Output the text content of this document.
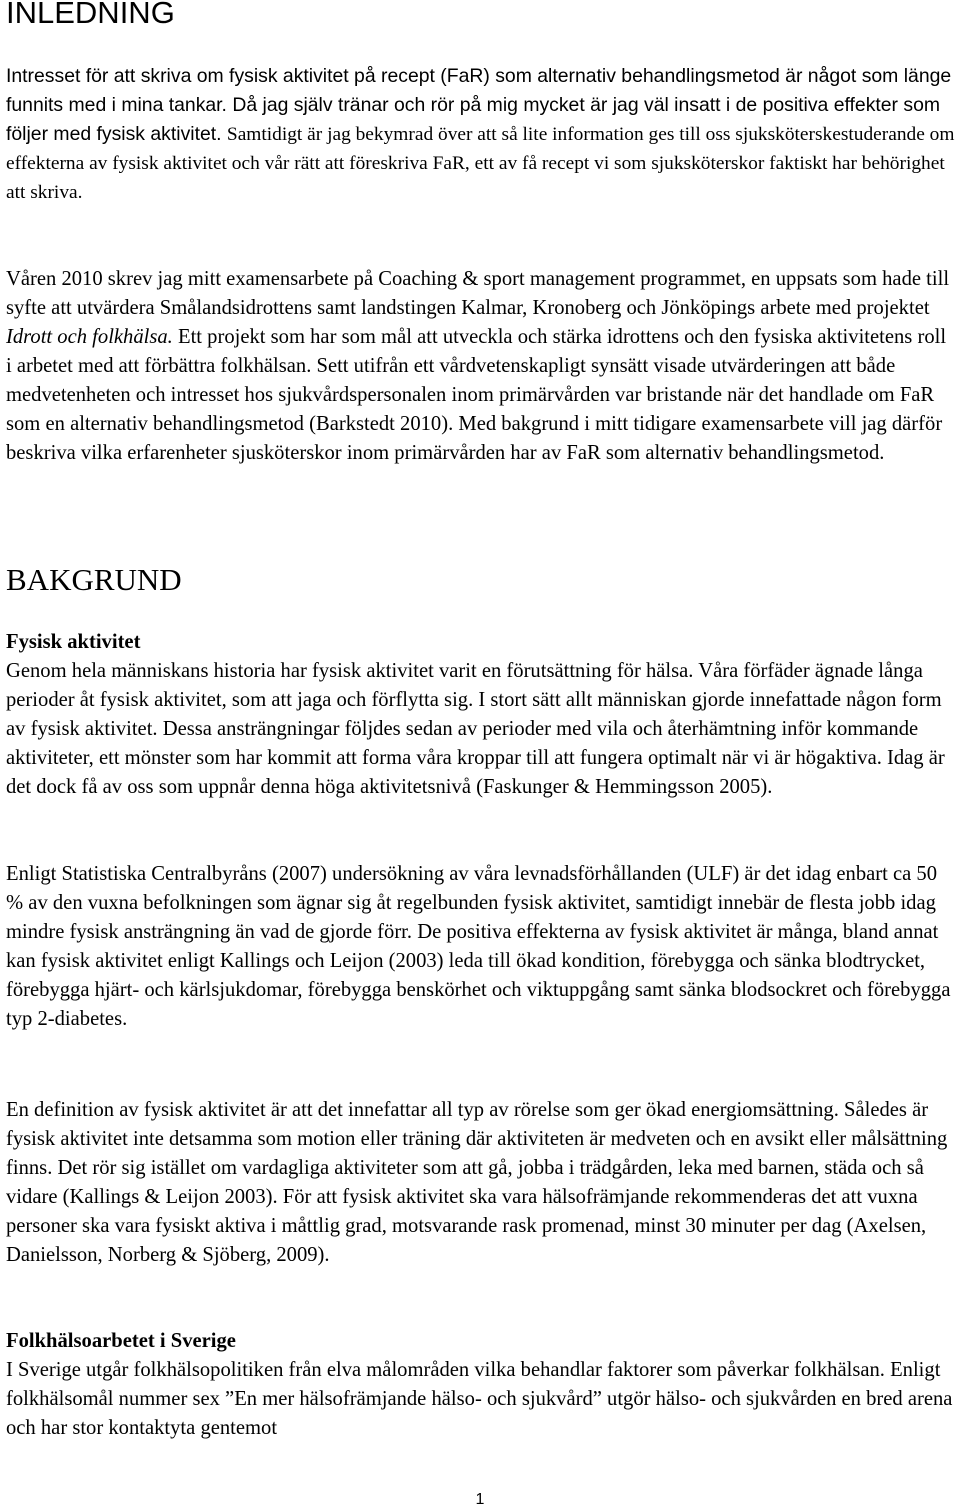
INLEDNING

Intresset för att skriva om fysisk aktivitet på recept (FaR) som alternativ behandlingsmetod är något som länge funnits med i mina tankar. Då jag själv tränar och rör på mig mycket är jag väl insatt i de positiva effekter som följer med fysisk aktivitet. Samtidigt är jag bekymrad över att så lite information ges till oss sjuksköterskestuderande om effekterna av fysisk aktivitet och vår rätt att föreskriva FaR, ett av få recept vi som sjuksköterskor faktiskt har behörighet att skriva.

Våren 2010 skrev jag mitt examensarbete på Coaching & sport management programmet, en uppsats som hade till syfte att utvärdera Smålandsidrottens samt landstingen Kalmar, Kronoberg och Jönköpings arbete med projektet Idrott och folkhälsa. Ett projekt som har som mål att utveckla och stärka idrottens och den fysiska aktivitetens roll i arbetet med att förbättra folkhälsan. Sett utifrån ett vårdvetenskapligt synsätt visade utvärderingen att både medvetenheten och intresset hos sjukvårdspersonalen inom primärvården var bristande när det handlade om FaR som en alternativ behandlingsmetod (Barkstedt 2010). Med bakgrund i mitt tidigare examensarbete vill jag därför beskriva vilka erfarenheter sjusköterskor inom primärvården har av FaR som alternativ behandlingsmetod.

BAKGRUND

Fysisk aktivitet

Genom hela människans historia har fysisk aktivitet varit en förutsättning för hälsa. Våra förfäder ägnade långa perioder åt fysisk aktivitet, som att jaga och förflytta sig. I stort sätt allt människan gjorde innefattade någon form av fysisk aktivitet. Dessa ansträngningar följdes sedan av perioder med vila och återhämtning inför kommande aktiviteter, ett mönster som har kommit att forma våra kroppar till att fungera optimalt när vi är högaktiva. Idag är det dock få av oss som uppnår denna höga aktivitetsnivå (Faskunger & Hemmingsson 2005).

Enligt Statistiska Centralbyråns (2007) undersökning av våra levnadsförhållanden (ULF) är det idag enbart ca 50 % av den vuxna befolkningen som ägnar sig åt regelbunden fysisk aktivitet, samtidigt innebär de flesta jobb idag mindre fysisk ansträngning än vad de gjorde förr. De positiva effekterna av fysisk aktivitet är många, bland annat kan fysisk aktivitet enligt Kallings och Leijon (2003) leda till ökad kondition, förebygga och sänka blodtrycket, förebygga hjärt- och kärlsjukdomar, förebygga benskörhet och viktuppgång samt sänka blodsockret och förebygga typ 2-diabetes.

En definition av fysisk aktivitet är att det innefattar all typ av rörelse som ger ökad energiomsättning. Således är fysisk aktivitet inte detsamma som motion eller träning där aktiviteten är medveten och en avsikt eller målsättning finns. Det rör sig istället om vardagliga aktiviteter som att gå, jobba i trädgården, leka med barnen, städa och så vidare (Kallings & Leijon 2003). För att fysisk aktivitet ska vara hälsofrämjande rekommenderas det att vuxna personer ska vara fysiskt aktiva i måttlig grad, motsvarande rask promenad, minst 30 minuter per dag (Axelsen, Danielsson, Norberg & Sjöberg, 2009).

Folkhälsoarbetet i Sverige

I Sverige utgår folkhälsopolitiken från elva målområden vilka behandlar faktorer som påverkar folkhälsan. Enligt folkhälsomål nummer sex ”En mer hälsofrämjande hälso- och sjukvård” utgör hälso- och sjukvården en bred arena och har stor kontaktyta gentemot

1
